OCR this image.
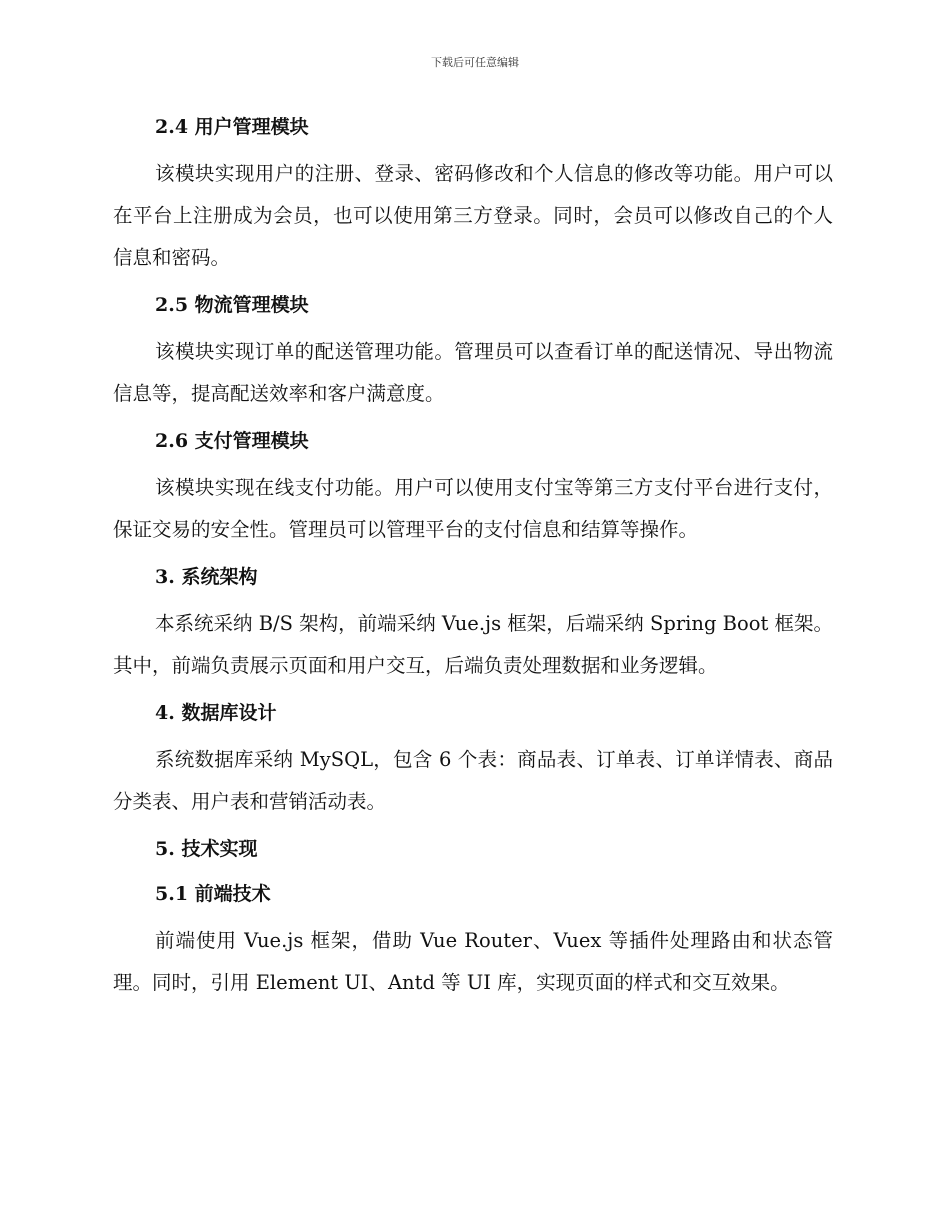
下载后可任意编辑
2.4 用户管理模块

该模块实现用户的注册、登录、密码修改和个人信息的修改等功能。用户可以在平台上注册成为会员，也可以使用第三方登录。同时，会员可以修改自己的个人信息和密码。

2.5 物流管理模块

该模块实现订单的配送管理功能。管理员可以查看订单的配送情况、导出物流信息等，提高配送效率和客户满意度。

2.6 支付管理模块

该模块实现在线支付功能。用户可以使用支付宝等第三方支付平台进行支付，保证交易的安全性。管理员可以管理平台的支付信息和结算等操作。

3. 系统架构

本系统采纳 B/S 架构，前端采纳 Vue.js 框架，后端采纳 Spring Boot 框架。其中，前端负责展示页面和用户交互，后端负责处理数据和业务逻辑。

4. 数据库设计

系统数据库采纳 MySQL，包含 6 个表：商品表、订单表、订单详情表、商品分类表、用户表和营销活动表。

5. 技术实现
5.1 前端技术

前端使用 Vue.js 框架，借助 Vue Router、Vuex 等插件处理路由和状态管理。同时，引用 Element UI、Antd 等 UI 库，实现页面的样式和交互效果。
